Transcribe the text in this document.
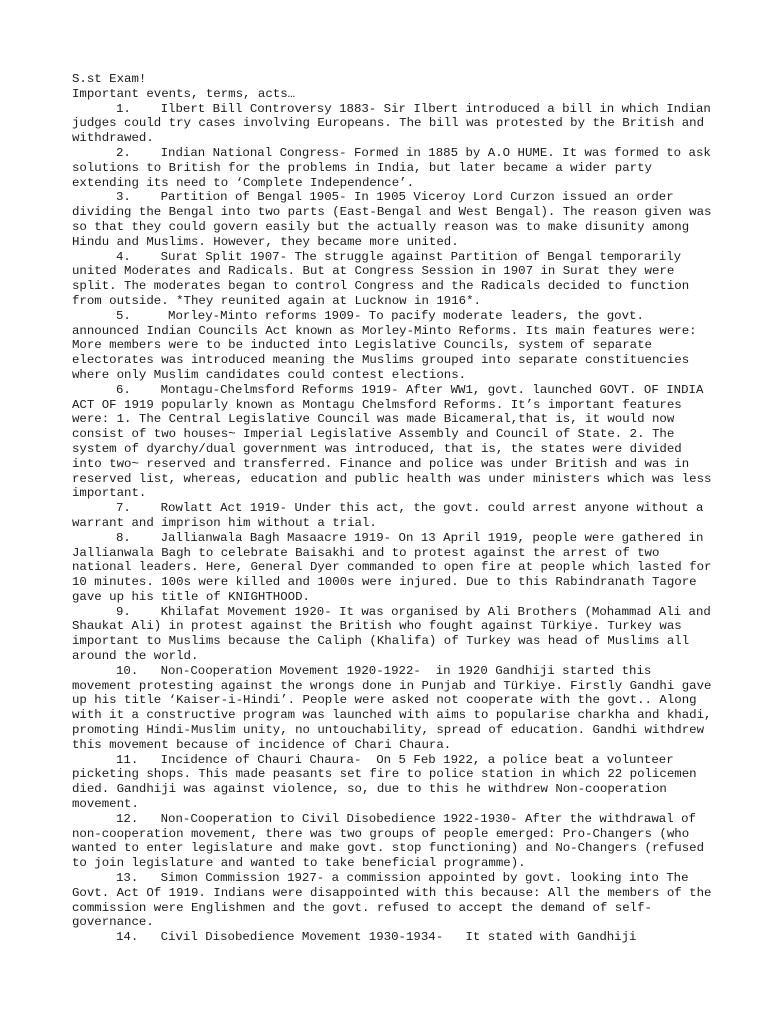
S.st Exam!

Important events, terms, acts…

1.    Ilbert Bill Controversy 1883- Sir Ilbert introduced a bill in which Indian judges could try cases involving Europeans. The bill was protested by the British and withdrawed.

2.    Indian National Congress- Formed in 1885 by A.O HUME. It was formed to ask solutions to British for the problems in India, but later became a wider party extending its need to ‘Complete Independence’.

3.    Partition of Bengal 1905- In 1905 Viceroy Lord Curzon issued an order dividing the Bengal into two parts (East-Bengal and West Bengal). The reason given was so that they could govern easily but the actually reason was to make disunity among Hindu and Muslims. However, they became more united.

4.    Surat Split 1907- The struggle against Partition of Bengal temporarily united Moderates and Radicals. But at Congress Session in 1907 in Surat they were split. The moderates began to control Congress and the Radicals decided to function from outside. *They reunited again at Lucknow in 1916*.

5.     Morley-Minto reforms 1909- To pacify moderate leaders, the govt. announced Indian Councils Act known as Morley-Minto Reforms. Its main features were: More members were to be inducted into Legislative Councils, system of separate electorates was introduced meaning the Muslims grouped into separate constituencies where only Muslim candidates could contest elections.

6.    Montagu-Chelmsford Reforms 1919- After WW1, govt. launched GOVT. OF INDIA ACT OF 1919 popularly known as Montagu Chelmsford Reforms. It’s important features were: 1. The Central Legislative Council was made Bicameral,that is, it would now consist of two houses~ Imperial Legislative Assembly and Council of State. 2. The system of dyarchy/dual government was introduced, that is, the states were divided into two~ reserved and transferred. Finance and police was under British and was in reserved list, whereas, education and public health was under ministers which was less important.

7.    Rowlatt Act 1919- Under this act, the govt. could arrest anyone without a warrant and imprison him without a trial.

8.    Jallianwala Bagh Masaacre 1919- On 13 April 1919, people were gathered in Jallianwala Bagh to celebrate Baisakhi and to protest against the arrest of two national leaders. Here, General Dyer commanded to open fire at people which lasted for 10 minutes. 100s were killed and 1000s were injured. Due to this Rabindranath Tagore gave up his title of KNIGHTHOOD.

9.    Khilafat Movement 1920- It was organised by Ali Brothers (Mohammad Ali and Shaukat Ali) in protest against the British who fought against Türkiye. Turkey was important to Muslims because the Caliph (Khalifa) of Turkey was head of Muslims all around the world.

10.   Non-Cooperation Movement 1920-1922-  in 1920 Gandhiji started this movement protesting against the wrongs done in Punjab and Türkiye. Firstly Gandhi gave up his title ‘Kaiser-i-Hindi’. People were asked not cooperate with the govt.. Along with it a constructive program was launched with aims to popularise charkha and khadi, promoting Hindi-Muslim unity, no untouchability, spread of education. Gandhi withdrew this movement because of incidence of Chari Chaura.

11.   Incidence of Chauri Chaura-  On 5 Feb 1922, a police beat a volunteer picketing shops. This made peasants set fire to police station in which 22 policemen died. Gandhiji was against violence, so, due to this he withdrew Non-cooperation movement.

12.   Non-Cooperation to Civil Disobedience 1922-1930- After the withdrawal of non-cooperation movement, there was two groups of people emerged: Pro-Changers (who wanted to enter legislature and make govt. stop functioning) and No-Changers (refused to join legislature and wanted to take beneficial programme).

13.   Simon Commission 1927- a commission appointed by govt. looking into The Govt. Act Of 1919. Indians were disappointed with this because: All the members of the commission were Englishmen and the govt. refused to accept the demand of self-governance.

14.   Civil Disobedience Movement 1930-1934-   It stated with Gandhiji
